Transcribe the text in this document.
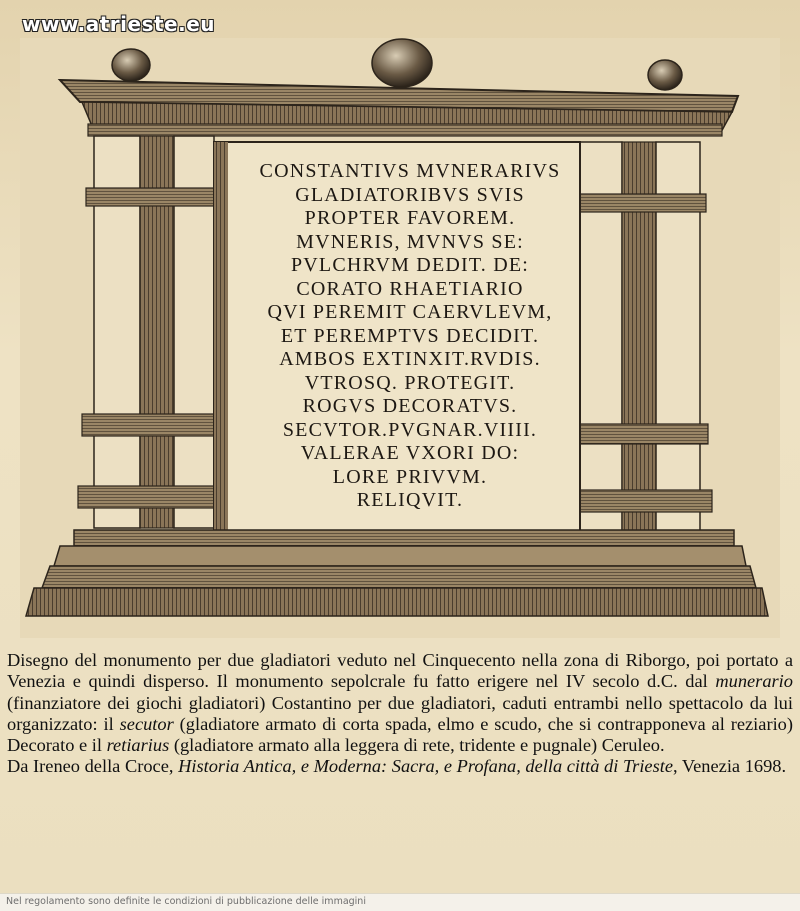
CONSTANTIVS MVNERARIVS
GLADIATORIBVS SVIS
PROPTER FAVOREM.
MVNERIS, MVNVS SE:
PVLCHRVM DEDIT. DE:
CORATO RHAETIARIO
QVI PEREMIT CAERVLEVM,
ET PEREMPTVS DECIDIT.
AMBOS EXTINXIT.RVDIS.
VTROSQ. PROTEGIT.
ROGVS DECORATVS.
SECVTOR.PVGNAR.VIIII.
VALERAE VXORI DO:
LORE PRIVVM.
RELIQVIT.
www.atrieste.eu

Disegno del monumento per due gladiatori veduto nel Cinquecento nella zona di Riborgo, poi portato a Venezia e quindi disperso. Il monumento sepolcrale fu fatto erigere nel IV secolo d.C. dal munerario (finanziatore dei giochi gladiatori) Costantino per due gladiatori, caduti entrambi nello spettacolo da lui organizzato: il secutor (gladiatore armato di corta spada, elmo e scudo, che si contrapponeva al reziario) Decorato e il retiarius (gladiatore armato alla leggera di rete, tridente e pugnale) Ceruleo.

Da Ireneo della Croce, Historia Antica, e Moderna: Sacra, e Profana, della città di Trieste, Venezia 1698.

Nel regolamento sono definite le condizioni di pubblicazione delle immagini
